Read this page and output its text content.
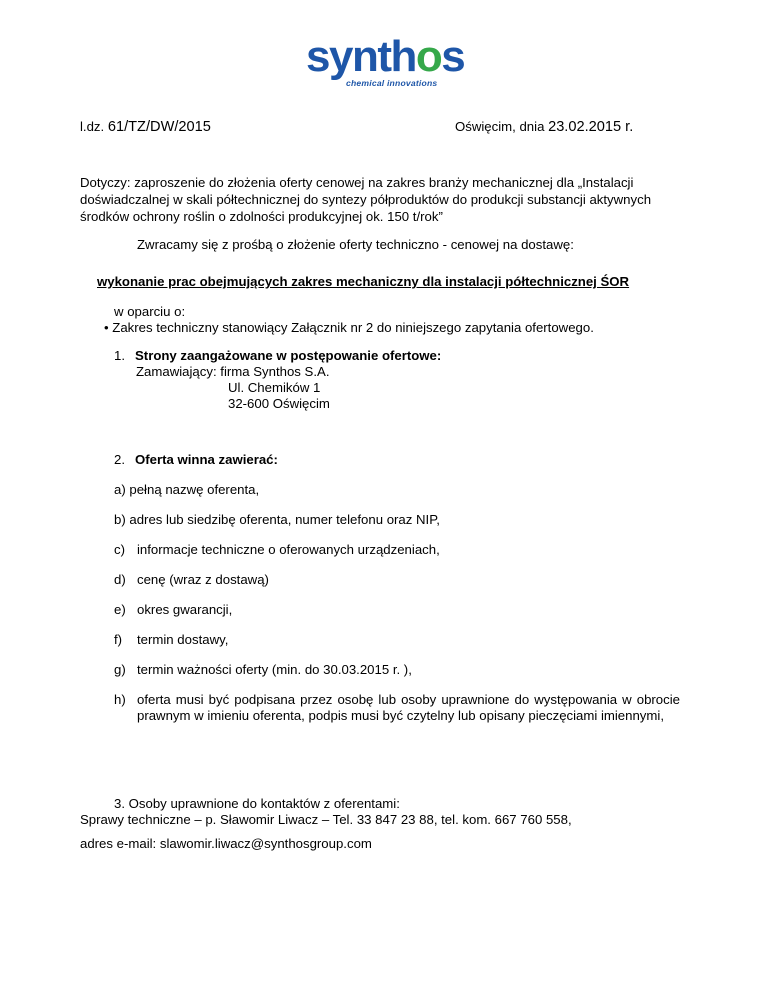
synthos
chemical innovations
l.dz. 61/TZ/DW/2015	Oświęcim, dnia 23.02.2015 r.
Dotyczy: zaproszenie do złożenia oferty cenowej na zakres branży mechanicznej dla „Instalacji doświadczalnej w skali półtechnicznej do syntezy półproduktów do produkcji substancji aktywnych środków ochrony roślin o zdolności produkcyjnej ok. 150 t/rok”
Zwracamy się z prośbą o złożenie oferty techniczno - cenowej na dostawę:
wykonanie prac obejmujących zakres mechaniczny dla instalacji półtechnicznej ŚOR
w oparciu o:
• Zakres techniczny stanowiący Załącznik nr 2 do niniejszego zapytania ofertowego.
1. Strony zaangażowane w postępowanie ofertowe:
Zamawiający: firma Synthos S.A.
Ul. Chemików 1
32-600 Oświęcim
2. Oferta winna zawierać:
a) pełną nazwę oferenta,
b) adres lub siedzibę oferenta, numer telefonu oraz NIP,
c) informacje techniczne o oferowanych urządzeniach,
d) cenę (wraz z dostawą)
e) okres gwarancji,
f) termin dostawy,
g) termin ważności oferty (min. do 30.03.2015 r. ),
h) oferta musi być podpisana przez osobę lub osoby uprawnione do występowania w obrocie prawnym w imieniu oferenta, podpis musi być czytelny lub opisany pieczęciami imiennymi,
3. Osoby uprawnione do kontaktów z oferentami:
Sprawy techniczne – p. Sławomir Liwacz – Tel. 33 847 23 88, tel. kom. 667 760 558,
adres e-mail: slawomir.liwacz@synthosgroup.com
